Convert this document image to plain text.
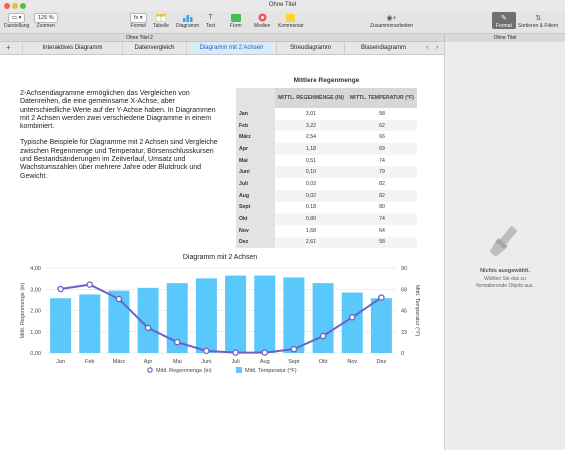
Ohne Titel
▭ ▾
Darstellung
125 %
Zoomen
fx ▾
Formel Tabelle Diagramm
T
Text	Form Medien Kommentar
◉+
Zusammenarbeiten
✎
Format
⇅
Sortieren & Filtern
Ohne Titel 2	Ohne Titel
+	Interaktives Diagramm	Datenvergleich	Diagramm mit 2 Achsen	Streudiagramm	Blasendiagramm	‹ ›

2-Achsendiagramme ermöglichen das Vergleichen von Datenreihen, die eine gemeinsame X-Achse, aber unterschiedliche Werte auf der Y-Achse haben. In Diagrammen mit 2 Achsen werden zwei verschiedene Diagramme in einem kombiniert.

Typische Beispiele für Diagramme mit 2 Achsen sind Vergleiche zwischen Regenmenge und Temperatur, Börsenschlusskursen und Bestandsänderungen im Zeitverlauf, Umsatz und Wachstumszahlen über mehrere Jahre oder Blutdruck und Gewicht.

Mittlere Regenmenge
	MITTL. REGENMENGE (IN)	MITTL. TEMPERATUR (°F)
Jan	3,01	58
Feb	3,22	62
März	2,54	66
Apr	1,18	69
Mai	0,51	74
Juni	0,10	79
Juli	0,02	82
Aug	0,02	82
Sept	0,18	80
Okt	0,80	74
Nov	1,68	64
Dez	2,61	58
Diagramm mit 2 Achsen
0,00	0
1,00	23
2,00	45
3,00	68
4,00	90
Jan	Feb	März	Apr	Mai	Juni	Juli	Aug	Sept	Okt	Nov	Dez
Mittl. Regenmenge (in)	Mittl. Temperatur (°F)
Mittl. Regenmenge (in)	Mittl. Temperatur (°F)
Nichts ausgewählt.
Wählen Sie das zu formatierende Objekt aus.
